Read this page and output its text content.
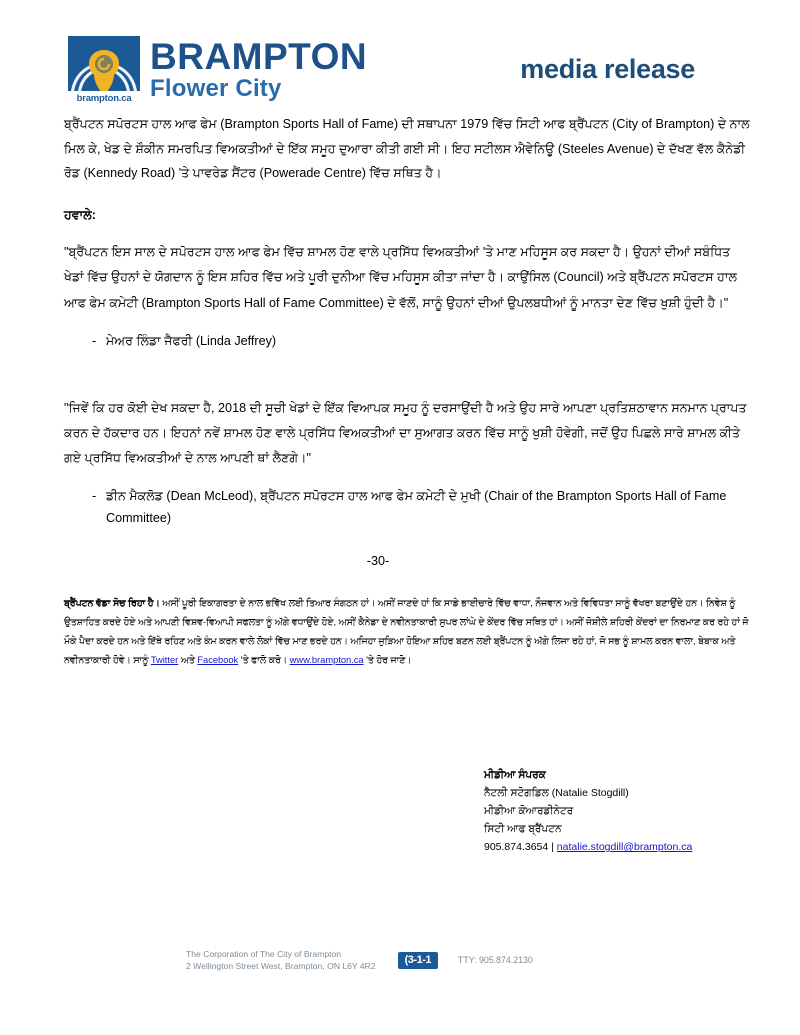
brampton.ca
BRAMPTON
Flower City
media release

ਬ੍ਰੈਂਪਟਨ ਸਪੋਰਟਸ ਹਾਲ ਆਫ ਫੇਮ (Brampton Sports Hall of Fame) ਦੀ ਸਥਾਪਨਾ 1979 ਵਿੱਚ ਸਿਟੀ ਆਫ ਬ੍ਰੈਂਪਟਨ (City of Brampton) ਦੇ ਨਾਲ ਮਿਲ ਕੇ, ਖੇਡ ਦੇ ਸ਼ੌਕੀਨ ਸਮਰਪਿਤ ਵਿਅਕਤੀਆਂ ਦੇ ਇੱਕ ਸਮੂਹ ਦੁਆਰਾ ਕੀਤੀ ਗਈ ਸੀ। ਇਹ ਸਟੀਲਸ ਐਵੇਨਿਊ (Steeles Avenue) ਦੇ ਦੱਖਣ ਵੱਲ ਕੈਨੇਡੀ ਰੋਡ (Kennedy Road) 'ਤੇ ਪਾਵਰੇਡ ਸੈਂਟਰ (Powerade Centre) ਵਿੱਚ ਸਥਿਤ ਹੈ।

ਹਵਾਲੇ:

"ਬ੍ਰੈਂਪਟਨ ਇਸ ਸਾਲ ਦੇ ਸਪੋਰਟਸ ਹਾਲ ਆਫ ਫੇਮ ਵਿੱਚ ਸ਼ਾਮਲ ਹੋਣ ਵਾਲੇ ਪ੍ਰਸਿੱਧ ਵਿਅਕਤੀਆਂ 'ਤੇ ਮਾਣ ਮਹਿਸੂਸ ਕਰ ਸਕਦਾ ਹੈ। ਉਹਨਾਂ ਦੀਆਂ ਸਬੰਧਿਤ ਖੇਡਾਂ ਵਿੱਚ ਉਹਨਾਂ ਦੇ ਯੋਗਦਾਨ ਨੂੰ ਇਸ ਸ਼ਹਿਰ ਵਿੱਚ ਅਤੇ ਪੂਰੀ ਦੁਨੀਆ ਵਿੱਚ ਮਹਿਸੂਸ ਕੀਤਾ ਜਾਂਦਾ ਹੈ। ਕਾਉਂਸਿਲ (Council) ਅਤੇ ਬ੍ਰੈਂਪਟਨ ਸਪੋਰਟਸ ਹਾਲ ਆਫ ਫੇਮ ਕਮੇਟੀ (Brampton Sports Hall of Fame Committee) ਦੇ ਵੱਲੋਂ, ਸਾਨੂੰ ਉਹਨਾਂ ਦੀਆਂ ਉਪਲਬਧੀਆਂ ਨੂੰ ਮਾਨਤਾ ਦੇਣ ਵਿੱਚ ਖੁਸ਼ੀ ਹੁੰਦੀ ਹੈ।"

- ਮੇਅਰ ਲਿੰਡਾ ਜੈਫਰੀ (Linda Jeffrey)

"ਜਿਵੇਂ ਕਿ ਹਰ ਕੋਈ ਦੇਖ ਸਕਦਾ ਹੈ, 2018 ਦੀ ਸੂਚੀ ਖੇਡਾਂ ਦੇ ਇੱਕ ਵਿਆਪਕ ਸਮੂਹ ਨੂੰ ਦਰਸਾਉਂਦੀ ਹੈ ਅਤੇ ਉਹ ਸਾਰੇ ਆਪਣਾ ਪ੍ਰਤਿਸ਼ਠਾਵਾਨ ਸਨਮਾਨ ਪ੍ਰਾਪਤ ਕਰਨ ਦੇ ਹੱਕਦਾਰ ਹਨ। ਇਹਨਾਂ ਨਵੇਂ ਸ਼ਾਮਲ ਹੋਣ ਵਾਲੇ ਪ੍ਰਸਿੱਧ ਵਿਅਕਤੀਆਂ ਦਾ ਸੁਆਗਤ ਕਰਨ ਵਿੱਚ ਸਾਨੂੰ ਖੁਸ਼ੀ ਹੋਵੇਗੀ, ਜਦੋਂ ਉਹ ਪਿਛਲੇ ਸਾਰੇ ਸ਼ਾਮਲ ਕੀਤੇ ਗਏ ਪ੍ਰਸਿੱਧ ਵਿਅਕਤੀਆਂ ਦੇ ਨਾਲ ਆਪਣੀ ਥਾਂ ਲੈਣਗੇ।"

- ਡੀਨ ਮੈਕਲੋਡ (Dean McLeod), ਬ੍ਰੈਂਪਟਨ ਸਪੋਰਟਸ ਹਾਲ ਆਫ ਫੇਮ ਕਮੇਟੀ ਦੇ ਮੁਖੀ (Chair of the Brampton Sports Hall of Fame Committee)
-30-

ਬ੍ਰੈਂਪਟਨ ਵੱਡਾ ਸੋਚ ਰਿਹਾ ਹੈ। ਅਸੀਂ ਪੂਰੀ ਇਕਾਗਰਤਾ ਦੇ ਨਾਲ ਭਵਿੱਖ ਲਈ ਤਿਆਰ ਸੰਗਠਨ ਹਾਂ। ਅਸੀਂ ਜਾਣਦੇ ਹਾਂ ਕਿ ਸਾਡੇ ਭਾਈਚਾਰੇ ਵਿੱਚ ਵਾਧਾ, ਨੌਜਵਾਨ ਅਤੇ ਵਿਵਿਧਤਾ ਸਾਨੂੰ ਵੱਖਰਾ ਬਣਾਉਂਦੇ ਹਨ। ਨਿਵੇਸ਼ ਨੂੰ ਉਤਸ਼ਾਹਿਤ ਕਰਦੇ ਹੋਏ ਅਤੇ ਆਪਣੀ ਵਿਸ਼ਵ-ਵਿਆਪੀ ਸਫਲਤਾ ਨੂੰ ਅੱਗੇ ਵਧਾਉਂਦੇ ਹੋਏ, ਅਸੀਂ ਕੈਨੇਡਾ ਦੇ ਨਵੀਨਤਾਕਾਰੀ ਸੁਪਰ ਲਾਂਘੇ ਦੇ ਕੇਂਦਰ ਵਿੱਚ ਸਥਿਤ ਹਾਂ। ਅਸੀਂ ਜੋਸ਼ੀਲੇ ਸ਼ਹਿਰੀ ਕੇਂਦਰਾਂ ਦਾ ਨਿਰਮਾਣ ਕਰ ਰਹੇ ਹਾਂ ਜੋ ਮੌਕੇ ਪੈਦਾ ਕਰਦੇ ਹਨ ਅਤੇ ਇੱਥੇ ਰਹਿਣ ਅਤੇ ਕੰਮ ਕਰਨ ਵਾਲੇ ਲੋਕਾਂ ਵਿੱਚ ਮਾਣ ਭਰਦੇ ਹਨ। ਅਜਿਹਾ ਜੁੜਿਆ ਹੋਇਆ ਸ਼ਹਿਰ ਬਣਨ ਲਈ ਬ੍ਰੈਂਪਟਨ ਨੂੰ ਅੱਗੇ ਲਿਜਾ ਰਹੇ ਹਾਂ, ਜੋ ਸਭ ਨੂੰ ਸ਼ਾਮਲ ਕਰਨ ਵਾਲਾ, ਬੇਬਾਕ ਅਤੇ ਨਵੀਨਤਾਕਾਰੀ ਹੋਵੇ। ਸਾਨੂੰ Twitter ਅਤੇ Facebook 'ਤੇ ਫਾਲੋ ਕਰੋ। www.brampton.ca 'ਤੇ ਹੋਰ ਜਾਣੋ।

ਮੀਡੀਆ ਸੰਪਰਕ
ਨੈਟਲੀ ਸਟੋਗਡਿਲ (Natalie Stogdill)
ਮੀਡੀਆ ਕੋਆਰਡੀਨੇਟਰ
ਸਿਟੀ ਆਫ ਬ੍ਰੈਂਪਟਨ
905.874.3654 | natalie.stogdill@brampton.ca
The Corporation of The City of Brampton
2 Wellington Street West, Brampton, ON L6Y 4R2
(3-1-1	TTY: 905.874.2130
